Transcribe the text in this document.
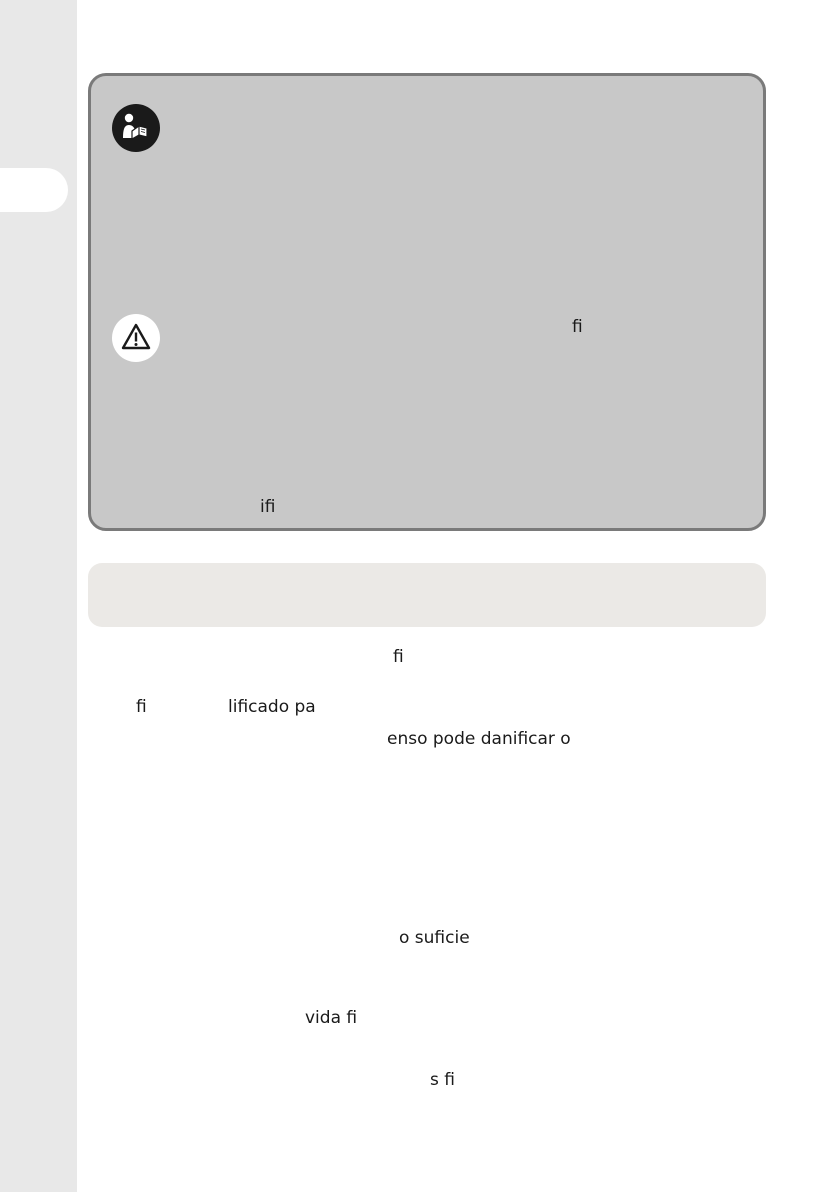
fi
ifi
fi
fi	lificado pa
enso pode danificar o
o suficie
vida fi
s fi
